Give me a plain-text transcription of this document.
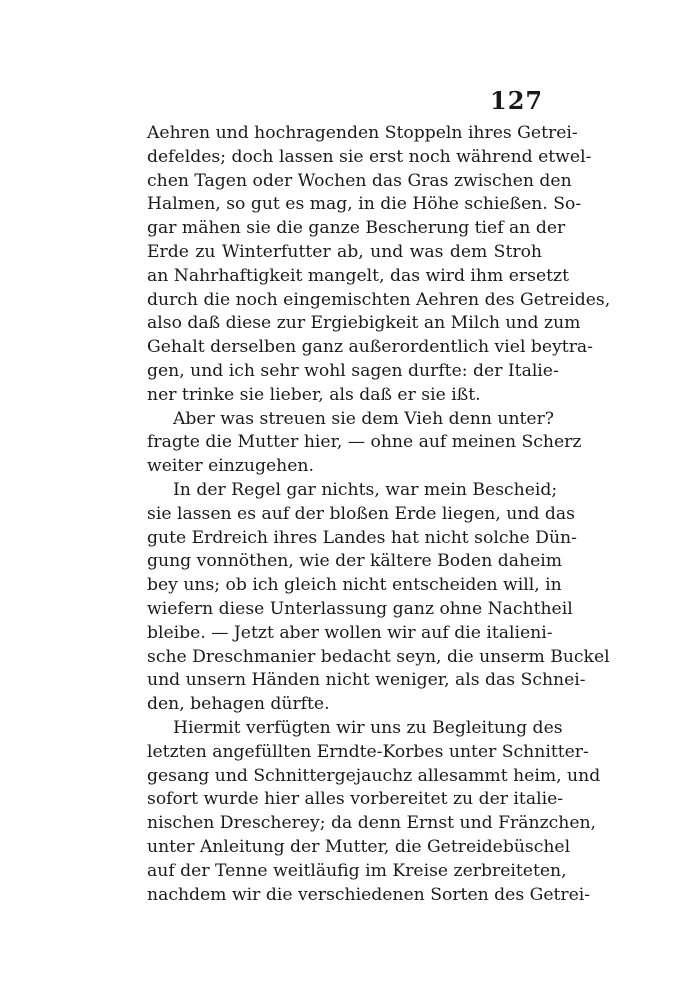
127
Aehren und hochragenden Stoppeln ihres Getrei-
defeldes; doch lassen sie erst noch während etwel-
chen Tagen oder Wochen das Gras zwischen den
Halmen, so gut es mag, in die Höhe schießen. So-
gar mähen sie die ganze Bescherung tief an der
Erde zu Winterfutter ab, und was dem Stroh
an Nahrhaftigkeit mangelt, das wird ihm ersetzt
durch die noch eingemischten Aehren des Getreides,
also daß diese zur Ergiebigkeit an Milch und zum
Gehalt derselben ganz außerordentlich viel beytra-
gen, und ich sehr wohl sagen durfte: der Italie-
ner trinke sie lieber, als daß er sie ißt.
Aber was streuen sie dem Vieh denn unter?
fragte die Mutter hier, — ohne auf meinen Scherz
weiter einzugehen.
In der Regel gar nichts, war mein Bescheid;
sie lassen es auf der bloßen Erde liegen, und das
gute Erdreich ihres Landes hat nicht solche Dün-
gung vonnöthen, wie der kältere Boden daheim
bey uns; ob ich gleich nicht entscheiden will, in
wiefern diese Unterlassung ganz ohne Nachtheil
bleibe. — Jetzt aber wollen wir auf die italieni-
sche Dreschmanier bedacht seyn, die unserm Buckel
und unsern Händen nicht weniger, als das Schnei-
den, behagen dürfte.
Hiermit verfügten wir uns zu Begleitung des
letzten angefüllten Erndte-Korbes unter Schnitter-
gesang und Schnittergejauchz allesammt heim, und
sofort wurde hier alles vorbereitet zu der italie-
nischen Drescherey; da denn Ernst und Fränzchen,
unter Anleitung der Mutter, die Getreidebüschel
auf der Tenne weitläufig im Kreise zerbreiteten,
nachdem wir die verschiedenen Sorten des Getrei-
